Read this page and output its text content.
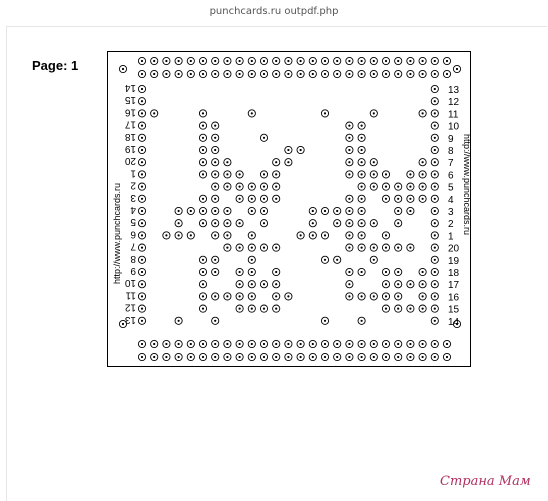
punchcards.ru outpdf.php
Page: 1
14
15
16
17
18
19
20
1
2
3
4
5
6
7
8
9
10
11
12
13
13
12
11
10
9
8
7
6
5
4
3
2
1
20
19
18
17
16
15
14
http://www.punchcards.ru	http://www.punchcards.ru
Страна Мам
